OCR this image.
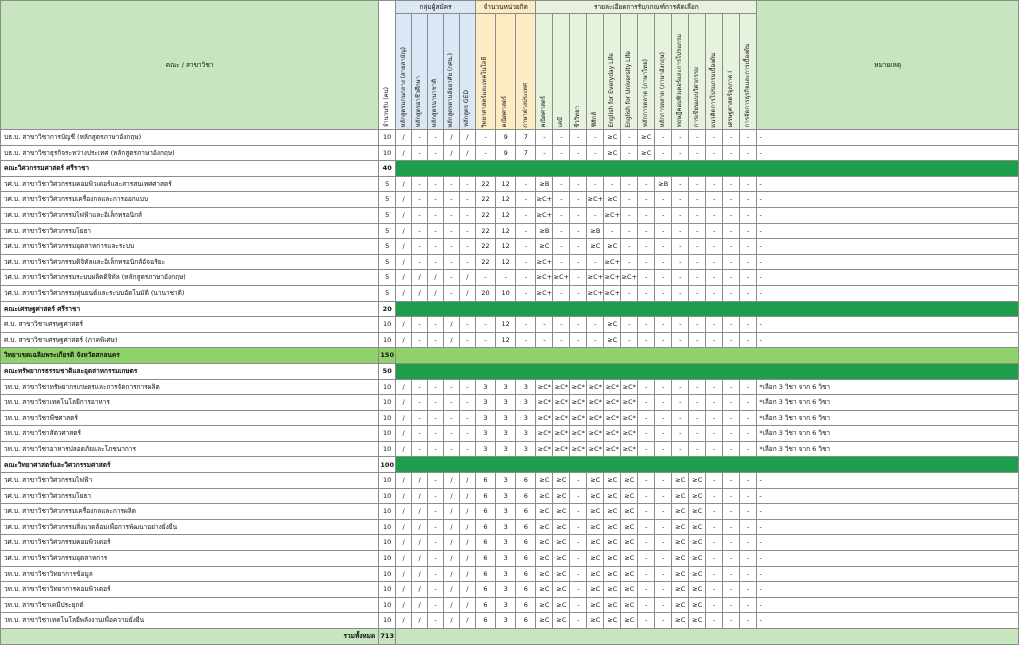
คณะ / สาขาวิชา	จำนวนรับ (คน)	กลุ่มผู้สมัคร					จำนวนหน่วยกิต			รายละเอียดการรับ/เกณฑ์การคัดเลือก													หมายเหตุ
		หลักสูตรแกนกลาง (สายสามัญ)	หลักสูตรอาชีวศึกษา	หลักสูตรนานาชาติ	หลักสูตรตามอัธยาศัย (กศน.)	หลักสูตร GED	วิทยาศาสตร์และเทคโนโลยี	คณิตศาสตร์	ภาษาต่างประเทศ	คณิตศาสตร์	เคมี	ชีววิทยา	ฟิสิกส์	English for Everyday Life	English for University Life	หลักการตลาด (ภาษาไทย)	หลักการตลาด (ภาษาอังกฤษ)	ทฤษฎีคอมพิวเตอร์และการโปรแกรม	การเขียนแบบวิศวกรรม	แนวคิดการโปรแกรมเบื้องต้น	เศรษฐศาสตร์จุลภาค I	การจัดการธุรกิจและการเบื้องต้น	
บธ.บ. สาขาวิชาการบัญชี (หลักสูตรภาษาอังกฤษ)	10	/	-	-	/	/	-	9	7	-	-	-	-	≥C	-	≥C	-	-	-	-	-	-	-
บธ.บ. สาขาวิชาธุรกิจระหว่างประเทศ (หลักสูตรภาษาอังกฤษ)	10	/	-	-	/	/	-	9	7	-	-	-	-	≥C	-	≥C	-	-	-	-	-	-	-
คณะวิศวกรรมศาสตร์ ศรีราชา	40																						
วศ.บ. สาขาวิชาวิศวกรรมคอมพิวเตอร์และสารสนเทศศาสตร์	5	/	-	-	-	-	22	12	-	≥B	-	-	-	-	-	-	≥B	-	-	-	-	-	-
วศ.บ. สาขาวิชาวิศวกรรมเครื่องกลและการออกแบบ	5	/	-	-	-	-	22	12	-	≥C+	-	-	≥C+	≥C	-	-	-	-	-	-	-	-	-
วศ.บ. สาขาวิชาวิศวกรรมไฟฟ้าและอิเล็กทรอนิกส์	5	/	-	-	-	-	22	12	-	≥C+	-	-	-	≥C+	-	-	-	-	-	-	-	-	-
วศ.บ. สาขาวิชาวิศวกรรมโยธา	5	/	-	-	-	-	22	12	-	≥B	-	-	≥B	-	-	-	-	-	-	-	-	-	-
วศ.บ. สาขาวิชาวิศวกรรมอุตสาหการและระบบ	5	/	-	-	-	-	22	12	-	≥C	-	-	≥C	≥C	-	-	-	-	-	-	-	-	-
วศ.บ. สาขาวิชาวิศวกรรมดิจิทัลและอิเล็กทรอนิกส์อัจฉริยะ	5	/	-	-	-	-	22	12	-	≥C+	-	-	-	≥C+	-	-	-	-	-	-	-	-	-
วศ.บ. สาขาวิชาวิศวกรรมระบบผลิตดิจิทัล (หลักสูตรภาษาอังกฤษ)	5	/	/	/	-	/	-	-	-	≥C+	≥C+	-	≥C+	≥C+	≥C+	-	-	-	-	-	-	-	-
วศ.บ. สาขาวิชาวิศวกรรมหุ่นยนต์และระบบอัตโนมัติ (นานาชาติ)	5	/	/	/	-	/	20	10	-	≥C+	-	-	≥C+	≥C+	-	-	-	-	-	-	-	-	-
คณะเศรษฐศาสตร์ ศรีราชา	20																						
ศ.บ. สาขาวิชาเศรษฐศาสตร์	10	/	-	-	/	-	-	12	-	-	-	-	-	≥C	-	-	-	-	-	-	-	-	-
ศ.บ. สาขาวิชาเศรษฐศาสตร์ (ภาคพิเศษ)	10	/	-	-	/	-	-	12	-	-	-	-	-	≥C	-	-	-	-	-	-	-	-	-
วิทยาเขตเฉลิมพระเกียรติ จังหวัดสกลนคร	150																						
คณะทรัพยากรธรรมชาติและอุตสาหกรรมเกษตร	50																						
วท.บ. สาขาวิชาทรัพยากรเกษตรและการจัดการการผลิต	10	/	-	-	-	-	3	3	3	≥C*	≥C*	≥C*	≥C*	≥C*	≥C*	-	-	-	-	-	-	-	*เลือก 3 วิชา จาก 6 วิชา
วท.บ. สาขาวิชาเทคโนโลยีการอาหาร	10	/	-	-	-	-	3	3	3	≥C*	≥C*	≥C*	≥C*	≥C*	≥C*	-	-	-	-	-	-	-	*เลือก 3 วิชา จาก 6 วิชา
วท.บ. สาขาวิชาพืชศาสตร์	10	/	-	-	-	-	3	3	3	≥C*	≥C*	≥C*	≥C*	≥C*	≥C*	-	-	-	-	-	-	-	*เลือก 3 วิชา จาก 6 วิชา
วท.บ. สาขาวิชาสัตวศาสตร์	10	/	-	-	-	-	3	3	3	≥C*	≥C*	≥C*	≥C*	≥C*	≥C*	-	-	-	-	-	-	-	*เลือก 3 วิชา จาก 6 วิชา
วท.บ. สาขาวิชาอาหารปลอดภัยและโภชนาการ	10	/	-	-	-	-	3	3	3	≥C*	≥C*	≥C*	≥C*	≥C*	≥C*	-	-	-	-	-	-	-	*เลือก 3 วิชา จาก 6 วิชา
คณะวิทยาศาสตร์และวิศวกรรมศาสตร์	100																						
วศ.บ. สาขาวิชาวิศวกรรมไฟฟ้า	10	/	/	-	/	/	6	3	6	≥C	≥C	-	≥C	≥C	≥C	-	-	≥C	≥C	-	-	-	-
วศ.บ. สาขาวิชาวิศวกรรมโยธา	10	/	/	-	/	/	6	3	6	≥C	≥C	-	≥C	≥C	≥C	-	-	≥C	≥C	-	-	-	-
วศ.บ. สาขาวิชาวิศวกรรมเครื่องกลและการผลิต	10	/	/	-	/	/	6	3	6	≥C	≥C	-	≥C	≥C	≥C	-	-	≥C	≥C	-	-	-	-
วศ.บ. สาขาวิชาวิศวกรรมสิ่งแวดล้อมเพื่อการพัฒนาอย่างยั่งยืน	10	/	/	-	/	/	6	3	6	≥C	≥C	-	≥C	≥C	≥C	-	-	≥C	≥C	-	-	-	-
วศ.บ. สาขาวิชาวิศวกรรมคอมพิวเตอร์	10	/	/	-	/	/	6	3	6	≥C	≥C	-	≥C	≥C	≥C	-	-	≥C	≥C	-	-	-	-
วศ.บ. สาขาวิชาวิศวกรรมอุตสาหการ	10	/	/	-	/	/	6	3	6	≥C	≥C	-	≥C	≥C	≥C	-	-	≥C	≥C	-	-	-	-
วท.บ. สาขาวิชาวิทยาการข้อมูล	10	/	/	-	/	/	6	3	6	≥C	≥C	-	≥C	≥C	≥C	-	-	≥C	≥C	-	-	-	-
วท.บ. สาขาวิชาวิทยาการคอมพิวเตอร์	10	/	/	-	/	/	6	3	6	≥C	≥C	-	≥C	≥C	≥C	-	-	≥C	≥C	-	-	-	-
วท.บ. สาขาวิชาเคมีประยุกต์	10	/	/	-	/	/	6	3	6	≥C	≥C	-	≥C	≥C	≥C	-	-	≥C	≥C	-	-	-	-
วท.บ. สาขาวิชาเทคโนโลยีพลังงานเพื่อความยั่งยืน	10	/	/	-	/	/	6	3	6	≥C	≥C	-	≥C	≥C	≥C	-	-	≥C	≥C	-	-	-	-
รวมทั้งหมด	713																						
